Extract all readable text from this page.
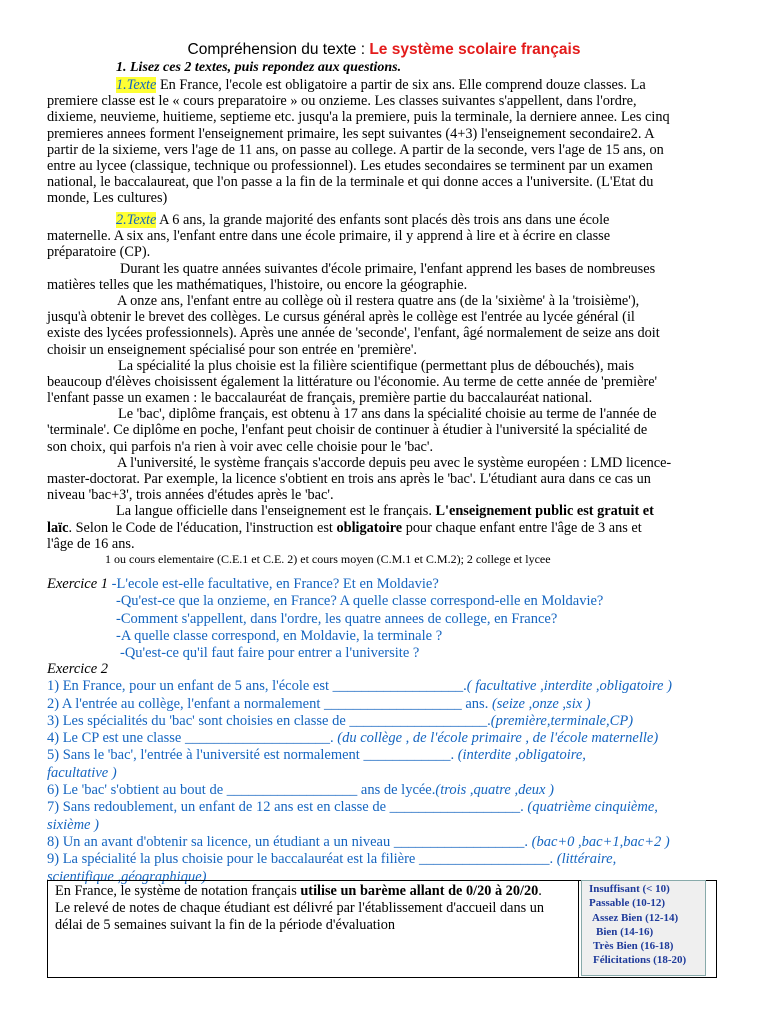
Compréhension du texte : Le système scolaire français
1. Lisez ces 2 textes, puis repondez aux questions.
1.Texte En France, l'ecole est obligatoire a partir de six ans. Elle comprend douze classes. La
premiere classe est le « cours preparatoire » ou onzieme. Les classes suivantes s'appellent, dans l'ordre,
dixieme, neuvieme, huitieme, septieme etc. jusqu'a la premiere, puis la terminale, la derniere annee. Les cinq
premieres annees forment l'enseignement primaire, les sept suivantes (4+3) l'enseignement secondaire2. A
partir de la sixieme, vers l'age de 11 ans, on passe au college. A partir de la seconde, vers l'age de 15 ans, on
entre au lycee (classique, technique ou professionnel). Les etudes secondaires se terminent par un examen
national, le baccalaureat, que l'on passe a la fin de la terminale et qui donne acces a l'universite. (L'Etat du
monde, Les cultures)
2.Texte A 6 ans, la grande majorité des enfants sont placés dès trois ans dans une école
maternelle. A six ans, l'enfant entre dans une école primaire, il y apprend à lire et à écrire en classe
préparatoire (CP).
Durant les quatre années suivantes d'école primaire, l'enfant apprend les bases de nombreuses
matières telles que les mathématiques, l'histoire, ou encore la géographie.
A onze ans, l'enfant entre au collège où il restera quatre ans (de la 'sixième' à la 'troisième'),
jusqu'à obtenir le brevet des collèges. Le cursus général après le collège est l'entrée au lycée général (il
existe des lycées professionnels). Après une année de 'seconde', l'enfant, âgé normalement de seize ans doit
choisir un enseignement spécialisé pour son entrée en 'première'.
La spécialité la plus choisie est la filière scientifique (permettant plus de débouchés), mais
beaucoup d'élèves choisissent également la littérature ou l'économie. Au terme de cette année de 'première'
l'enfant passe un examen : le baccalauréat de français, première partie du baccalauréat national.
Le 'bac', diplôme français, est obtenu à 17 ans dans la spécialité choisie au terme de l'année de
'terminale'. Ce diplôme en poche, l'enfant peut choisir de continuer à étudier à l'université la spécialité de
son choix, qui parfois n'a rien à voir avec celle choisie pour le 'bac'.
A l'université, le système français s'accorde depuis peu avec le système européen : LMD licence-
master-doctorat. Par exemple, la licence s'obtient en trois ans après le 'bac'. L'étudiant aura dans ce cas un
niveau 'bac+3', trois années d'études après le 'bac'.
La langue officielle dans l'enseignement est le français. L'enseignement public est gratuit et
laïc. Selon le Code de l'éducation, l'instruction est obligatoire pour chaque enfant entre l'âge de 3 ans et
l'âge de 16 ans.
1 ou cours elementaire (C.E.1 et C.E. 2) et cours moyen (C.M.1 et C.M.2); 2 college et lycee
Exercice 1 -L'ecole est-elle facultative, en France? Et en Moldavie?
-Qu'est-ce que la onzieme, en France? A quelle classe correspond-elle en Moldavie?
-Comment s'appellent, dans l'ordre, les quatre annees de college, en France?
-A quelle classe correspond, en Moldavie, la terminale ?
-Qu'est-ce qu'il faut faire pour entrer a l'universite ?
Exercice 2
1) En France, pour un enfant de 5 ans, l'école est __________________.( facultative ,interdite ,obligatoire )
2) A l'entrée au collège, l'enfant a normalement ___________________ ans. (seize ,onze ,six )
3) Les spécialités du 'bac' sont choisies en classe de ___________________.(première,terminale,CP)
4) Le CP est une classe ____________________. (du collège , de l'école primaire , de l'école maternelle)
5) Sans le 'bac', l'entrée à l'université est normalement ____________. (interdite ,obligatoire,
facultative )
6) Le 'bac' s'obtient au bout de __________________ ans de lycée.(trois ,quatre ,deux )
7) Sans redoublement, un enfant de 12 ans est en classe de __________________. (quatrième cinquième,
sixième )
8) Un an avant d'obtenir sa licence, un étudiant a un niveau __________________. (bac+0 ,bac+1,bac+2 )
9) La spécialité la plus choisie pour le baccalauréat est la filière __________________. (littéraire,
scientifique ,géographique)
En France, le système de notation français utilise un barème allant de 0/20 à 20/20. Le relevé de notes de chaque étudiant est délivré par l'établissement d'accueil dans un délai de 5 semaines suivant la fin de la période d'évaluation
Insuffisant (< 10)
Passable (10-12)
Assez Bien (12-14)
Bien (14-16)
Très Bien (16-18)
Félicitations (18-20)
